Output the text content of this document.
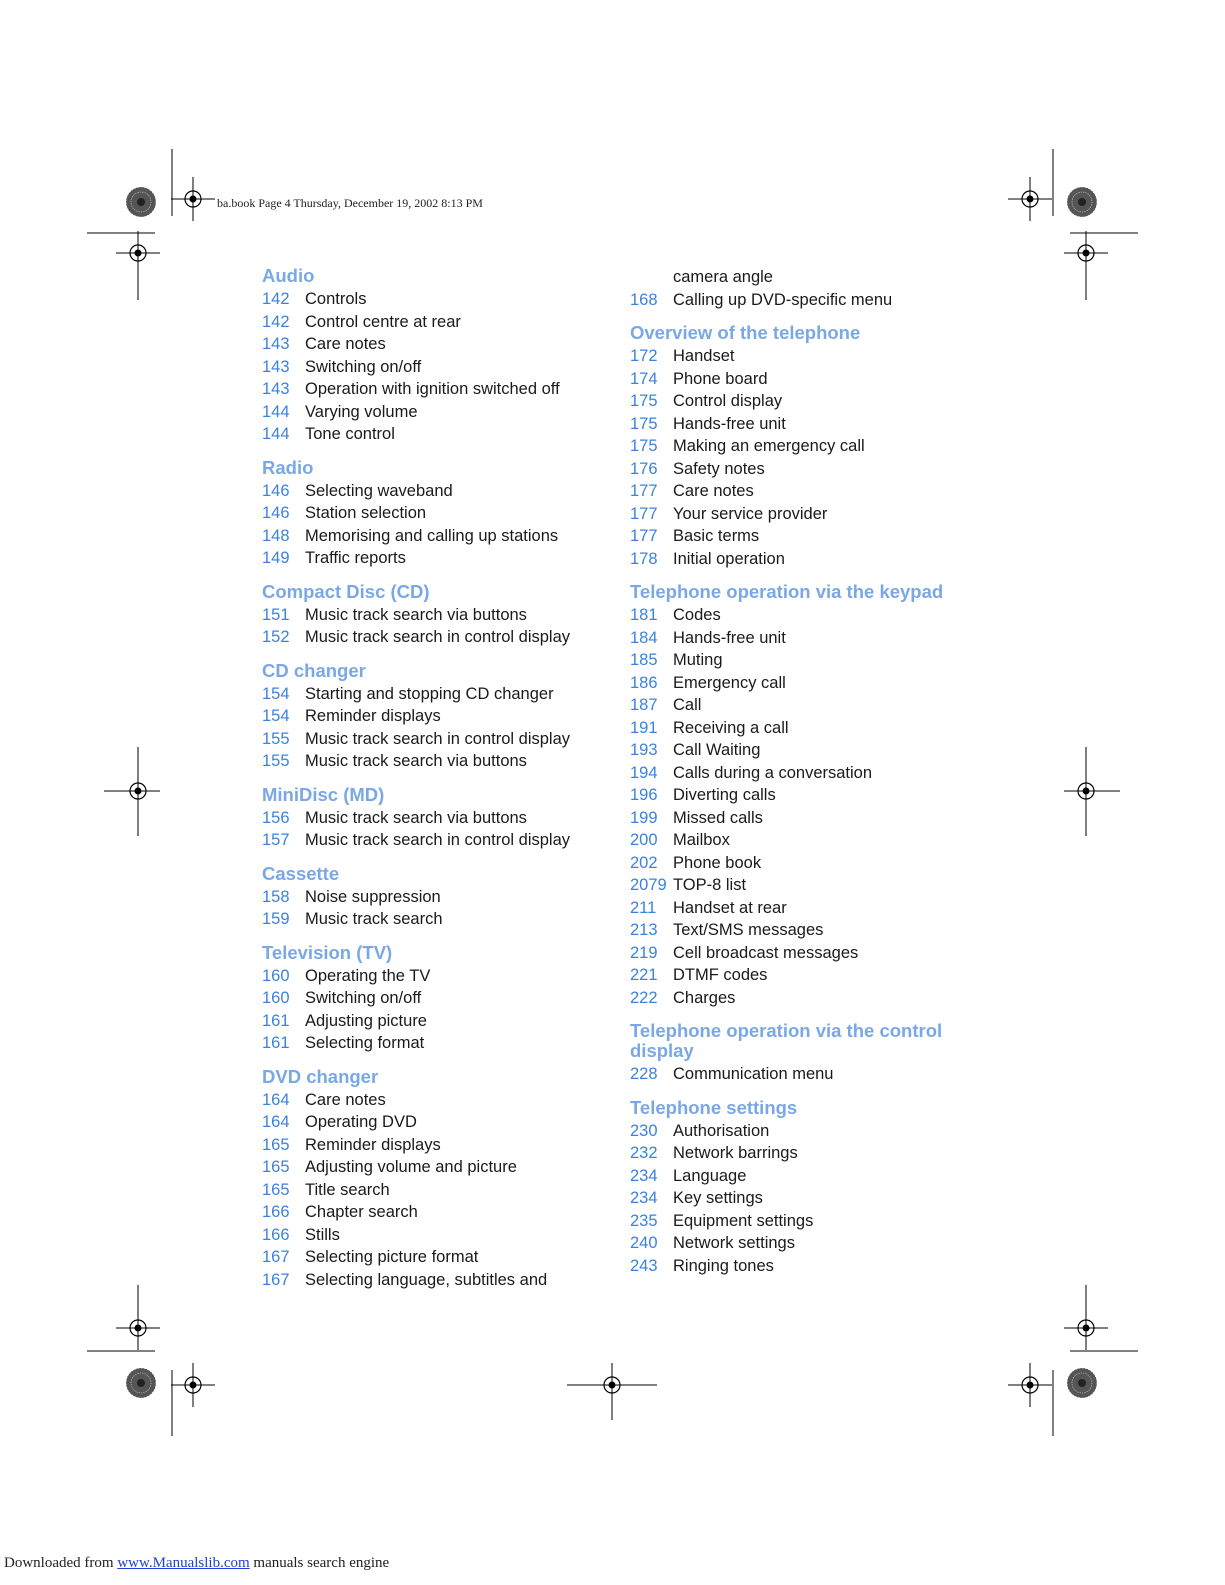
ba.book Page 4 Thursday, December 19, 2002 8:13 PM
Audio
142 Controls
142 Control centre at rear
143 Care notes
143 Switching on/off
143 Operation with ignition switched off
144 Varying volume
144 Tone control
Radio
146 Selecting waveband
146 Station selection
148 Memorising and calling up stations
149 Traffic reports
Compact Disc (CD)
151 Music track search via buttons
152 Music track search in control display
CD changer
154 Starting and stopping CD changer
154 Reminder displays
155 Music track search in control display
155 Music track search via buttons
MiniDisc (MD)
156 Music track search via buttons
157 Music track search in control display
Cassette
158 Noise suppression
159 Music track search
Television (TV)
160 Operating the TV
160 Switching on/off
161 Adjusting picture
161 Selecting format
DVD changer
164 Care notes
164 Operating DVD
165 Reminder displays
165 Adjusting volume and picture
165 Title search
166 Chapter search
166 Stills
167 Selecting picture format
167 Selecting language, subtitles and
camera angle
168 Calling up DVD-specific menu
Overview of the telephone
172 Handset
174 Phone board
175 Control display
175 Hands-free unit
175 Making an emergency call
176 Safety notes
177 Care notes
177 Your service provider
177 Basic terms
178 Initial operation
Telephone operation via the keypad
181 Codes
184 Hands-free unit
185 Muting
186 Emergency call
187 Call
191 Receiving a call
193 Call Waiting
194 Calls during a conversation
196 Diverting calls
199 Missed calls
200 Mailbox
202 Phone book
2079 TOP-8 list
211 Handset at rear
213 Text/SMS messages
219 Cell broadcast messages
221 DTMF codes
222 Charges
Telephone operation via the control display
228 Communication menu
Telephone settings
230 Authorisation
232 Network barrings
234 Language
234 Key settings
235 Equipment settings
240 Network settings
243 Ringing tones
Downloaded from www.Manualslib.com manuals search engine
